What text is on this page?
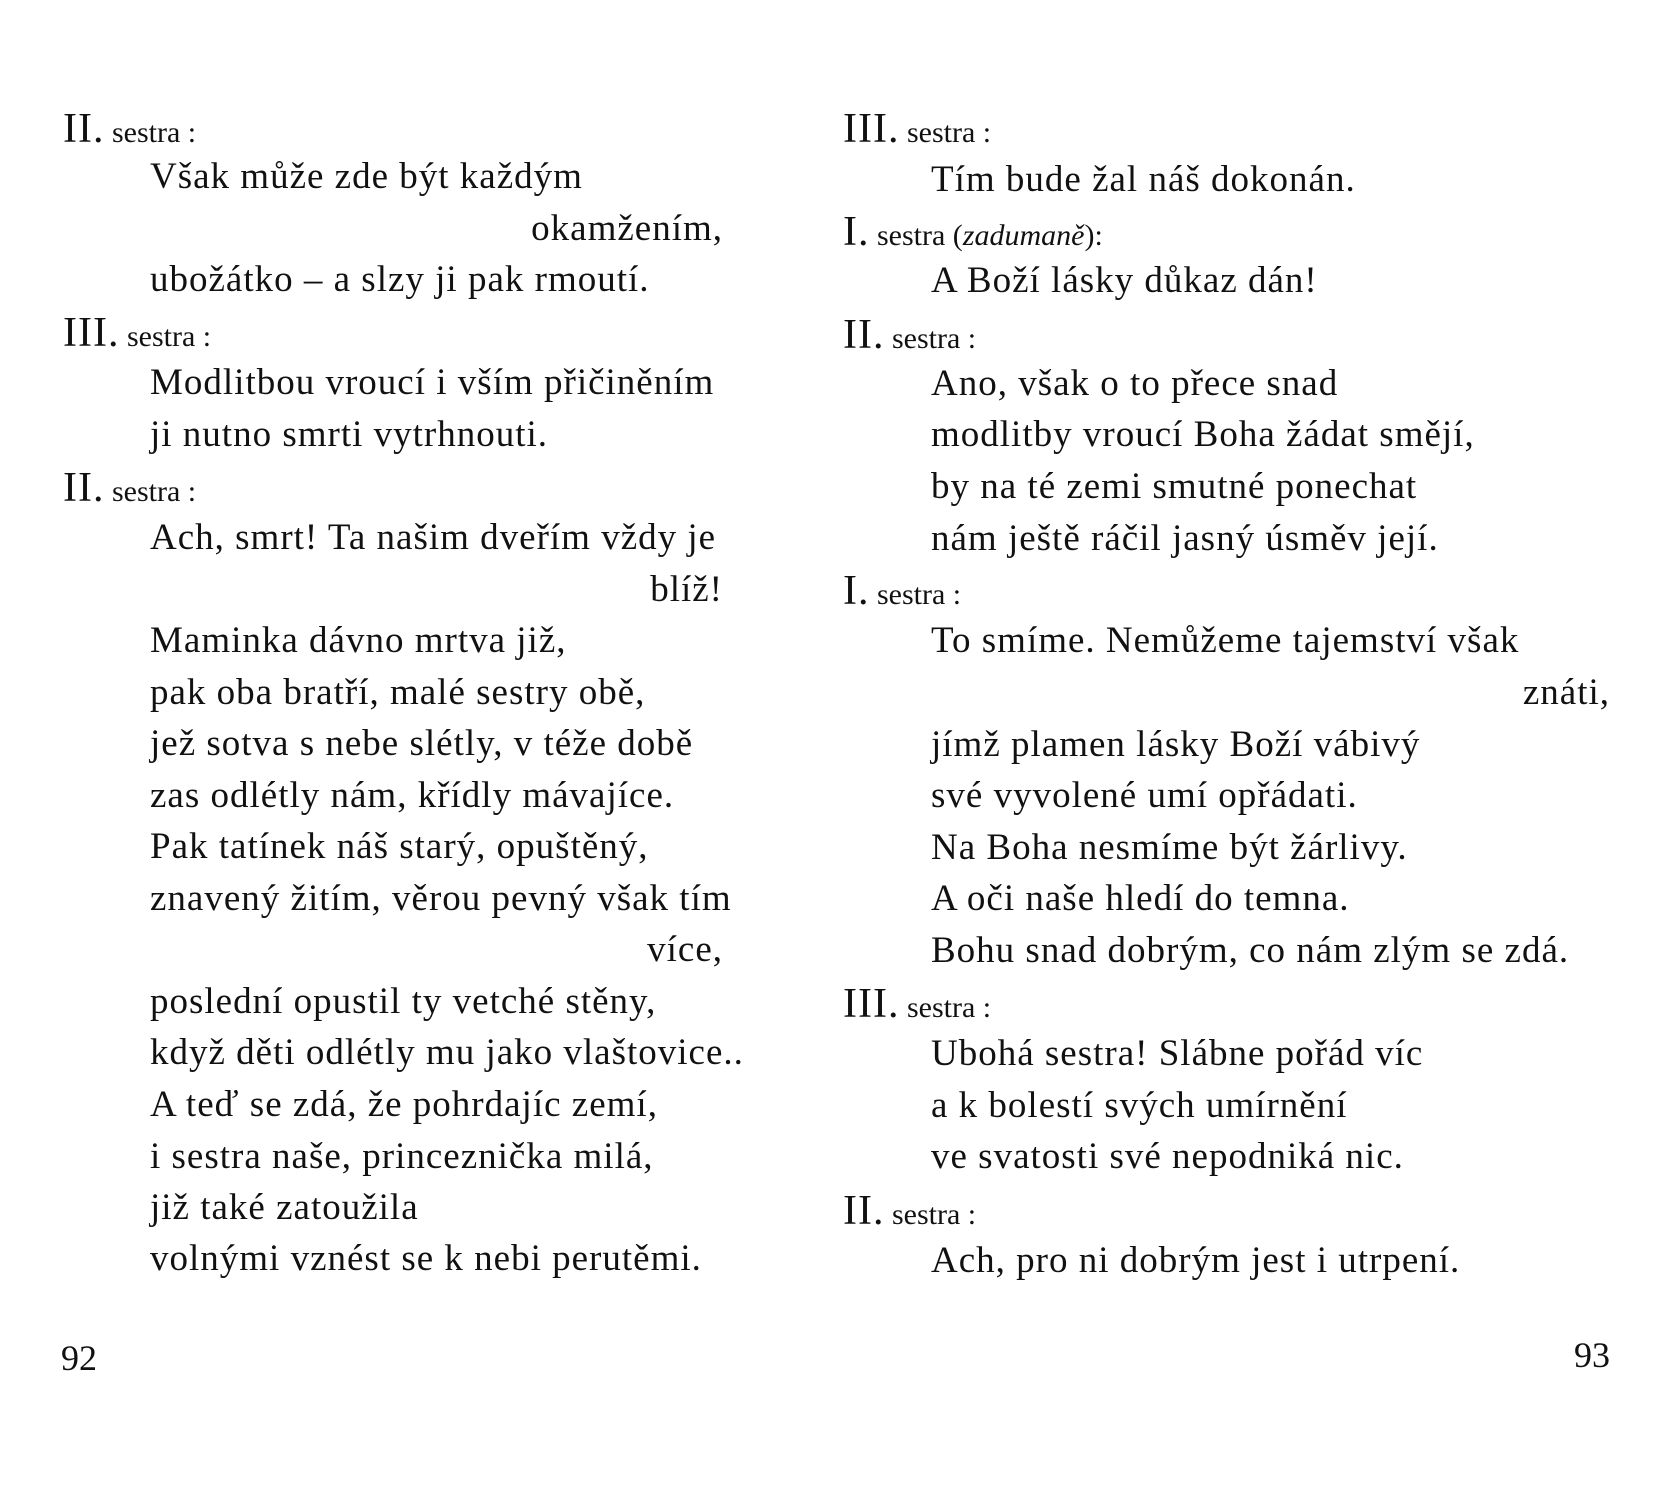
II. sestra :
Však může zde být každým
okamžením,
ubožátko – a slzy ji pak rmoutí.
III. sestra :
Modlitbou vroucí i vším přičiněním
ji nutno smrti vytrhnouti.
II. sestra :
Ach, smrt! Ta našim dveřím vždy je
blíž!
Maminka dávno mrtva již,
pak oba bratří, malé sestry obě,
jež sotva s nebe slétly, v téže době
zas odlétly nám, křídly mávajíce.
Pak tatínek náš starý, opuštěný,
znavený žitím, věrou pevný však tím
více,
poslední opustil ty vetché stěny,
když děti odlétly mu jako vlaštovice..
A teď se zdá, že pohrdajíc zemí,
i sestra naše, princeznička milá,
již také zatoužila
volnými vznést se k nebi perutěmi.
92
III. sestra :
Tím bude žal náš dokonán.
I. sestra (zadumaně):
A Boží lásky důkaz dán!
II. sestra :
Ano, však o to přece snad
modlitby vroucí Boha žádat smějí,
by na té zemi smutné ponechat
nám ještě ráčil jasný úsměv její.
I. sestra :
To smíme. Nemůžeme tajemství však
znáti,
jímž plamen lásky Boží vábivý
své vyvolené umí opřádati.
Na Boha nesmíme být žárlivy.
A oči naše hledí do temna.
Bohu snad dobrým, co nám zlým se zdá.
III. sestra :
Ubohá sestra! Slábne pořád víc
a k bolestí svých umírnění
ve svatosti své nepodniká nic.
II. sestra :
Ach, pro ni dobrým jest i utrpení.
93
